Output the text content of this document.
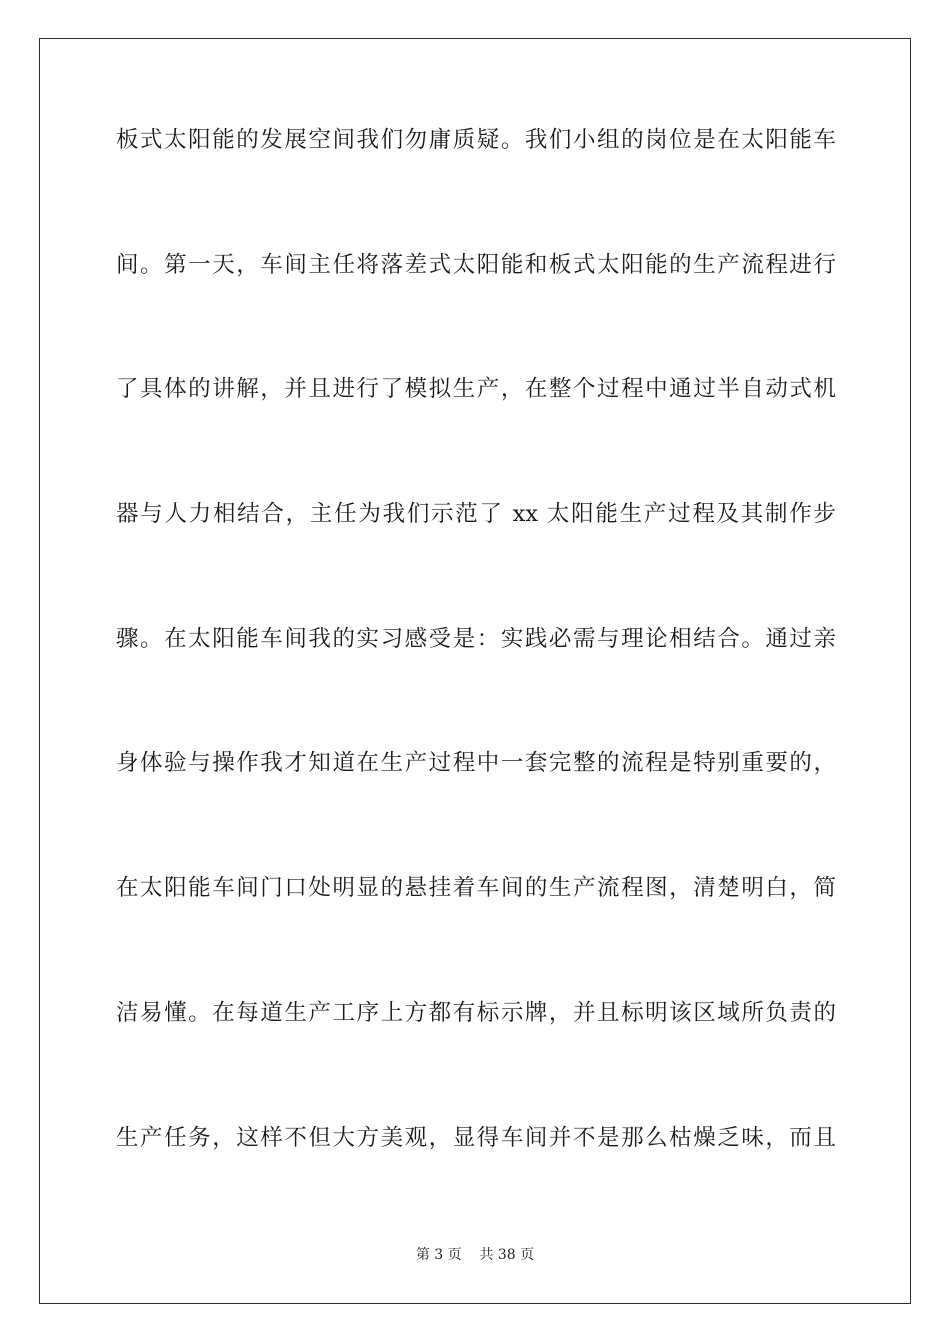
板式太阳能的发展空间我们勿庸质疑。我们小组的岗位是在太阳能车
间。第一天，车间主任将落差式太阳能和板式太阳能的生产流程进行
了具体的讲解，并且进行了模拟生产，在整个过程中通过半自动式机
器与人力相结合，主任为我们示范了 xx 太阳能生产过程及其制作步
骤。在太阳能车间我的实习感受是：实践必需与理论相结合。通过亲
身体验与操作我才知道在生产过程中一套完整的流程是特别重要的，
在太阳能车间门口处明显的悬挂着车间的生产流程图，清楚明白，简
洁易懂。在每道生产工序上方都有标示牌，并且标明该区域所负责的
生产任务，这样不但大方美观，显得车间并不是那么枯燥乏味，而且
第 3 页    共 38 页
